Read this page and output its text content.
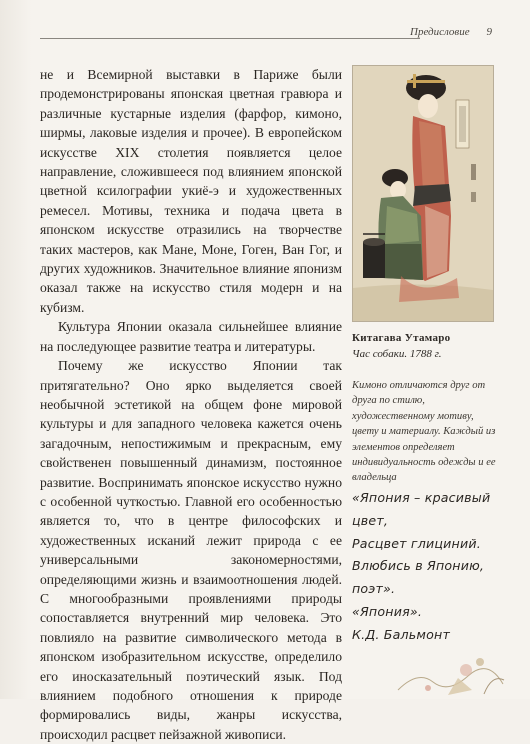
Предисловие 9

не и Всемирной выставки в Париже были продемонстрированы японская цветная гравюра и различные кустарные изделия (фарфор, кимоно, ширмы, лаковые изделия и прочее). В европейском искусстве XIX столетия появляется целое направление, сложившееся под влиянием японской цветной ксилографии укиё-э и художественных ремесел. Мотивы, техника и подача цвета в японском искусстве отразились на творчестве таких мастеров, как Мане, Моне, Гоген, Ван Гог, и других художников. Значительное влияние японизм оказал также на искусство стиля модерн и на кубизм.

Культура Японии оказала сильнейшее влияние на последующее развитие театра и литературы.

Почему же искусство Японии так притягательно? Оно ярко выделяется своей необычной эстетикой на общем фоне мировой культуры и для западного человека кажется очень загадочным, непостижимым и прекрасным, ему свойственен повышенный динамизм, постоянное развитие. Воспринимать японское искусство нужно с особенной чуткостью. Главной его особенностью является то, что в центре философских и художественных исканий лежит природа с ее универсальными закономерностями, определяющими жизнь и взаимоотношения людей. С многообразными проявлениями природы сопоставляется внутренний мир человека. Это повлияло на развитие символического метода в японском изобразительном искусстве, определило его иносказательный поэтический язык. Под влиянием подобного отношения к природе формировались виды, жанры искусства, происходил расцвет пейзажной живописи.

Китагава Утамаро
Час собаки. 1788 г.
Кимоно отличаются друг от друга по стилю, художественному мотиву, цвету и материалу. Каждый из элементов определяет индивидуальность одежды и ее владельца
«Япония – красивый
цвет,
Расцвет глициний.
Влюбись в Японию,
поэт».
«Япония».
К.Д. Бальмонт
